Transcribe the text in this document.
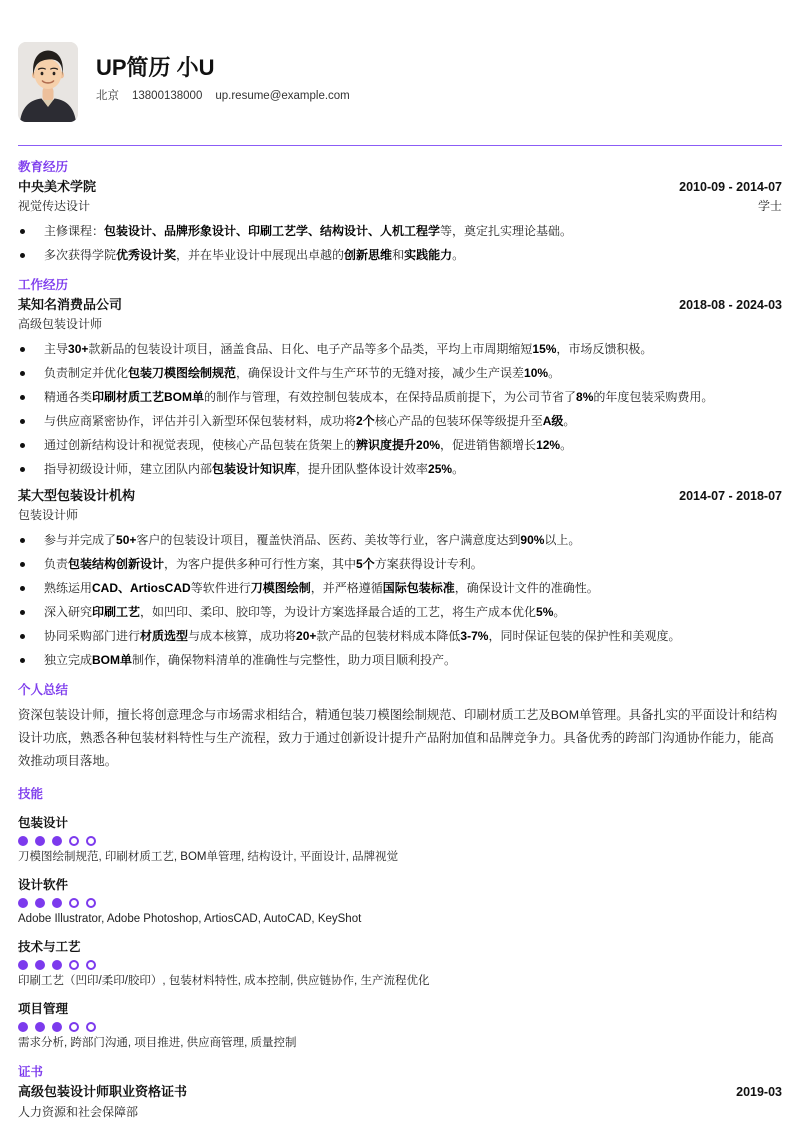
UP简历 小U
北京 13800138000 up.resume@example.com
教育经历
中央美术学院	2010-09 - 2014-07
视觉传达设计	学士
主修课程：包装设计、品牌形象设计、印刷工艺学、结构设计、人机工程学等，奠定扎实理论基础。
多次获得学院优秀设计奖，并在毕业设计中展现出卓越的创新思维和实践能力。
工作经历
某知名消费品公司	2018-08 - 2024-03
高级包装设计师
主导30+款新品的包装设计项目，涵盖食品、日化、电子产品等多个品类，平均上市周期缩短15%，市场反馈积极。
负责制定并优化包装刀模图绘制规范，确保设计文件与生产环节的无缝对接，减少生产误差10%。
精通各类印刷材质工艺BOM单的制作与管理，有效控制包装成本，在保持品质前提下，为公司节省了8%的年度包装采购费用。
与供应商紧密协作，评估并引入新型环保包装材料，成功将2个核心产品的包装环保等级提升至A级。
通过创新结构设计和视觉表现，使核心产品包装在货架上的辨识度提升20%，促进销售额增长12%。
指导初级设计师，建立团队内部包装设计知识库，提升团队整体设计效率25%。
某大型包装设计机构	2014-07 - 2018-07
包装设计师
参与并完成了50+客户的包装设计项目，覆盖快消品、医药、美妆等行业，客户满意度达到90%以上。
负责包装结构创新设计，为客户提供多种可行性方案，其中5个方案获得设计专利。
熟练运用CAD、ArtiosCAD等软件进行刀模图绘制，并严格遵循国际包装标准，确保设计文件的准确性。
深入研究印刷工艺，如凹印、柔印、胶印等，为设计方案选择最合适的工艺，将生产成本优化5%。
协同采购部门进行材质选型与成本核算，成功将20+款产品的包装材料成本降低3-7%，同时保证包装的保护性和美观度。
独立完成BOM单制作，确保物料清单的准确性与完整性，助力项目顺利投产。
个人总结

资深包装设计师，擅长将创意理念与市场需求相结合，精通包装刀模图绘制规范、印刷材质工艺及BOM单管理。具备扎实的平面设计和结构设计功底，熟悉各种包装材料特性与生产流程，致力于通过创新设计提升产品附加值和品牌竞争力。具备优秀的跨部门沟通协作能力，能高效推动项目落地。

技能
包装设计
刀模图绘制规范, 印刷材质工艺, BOM单管理, 结构设计, 平面设计, 品牌视觉
设计软件
Adobe Illustrator, Adobe Photoshop, ArtiosCAD, AutoCAD, KeyShot
技术与工艺
印刷工艺（凹印/柔印/胶印）, 包装材料特性, 成本控制, 供应链协作, 生产流程优化
项目管理
需求分析, 跨部门沟通, 项目推进, 供应商管理, 质量控制
证书
高级包装设计师职业资格证书	2019-03
人力资源和社会保障部
